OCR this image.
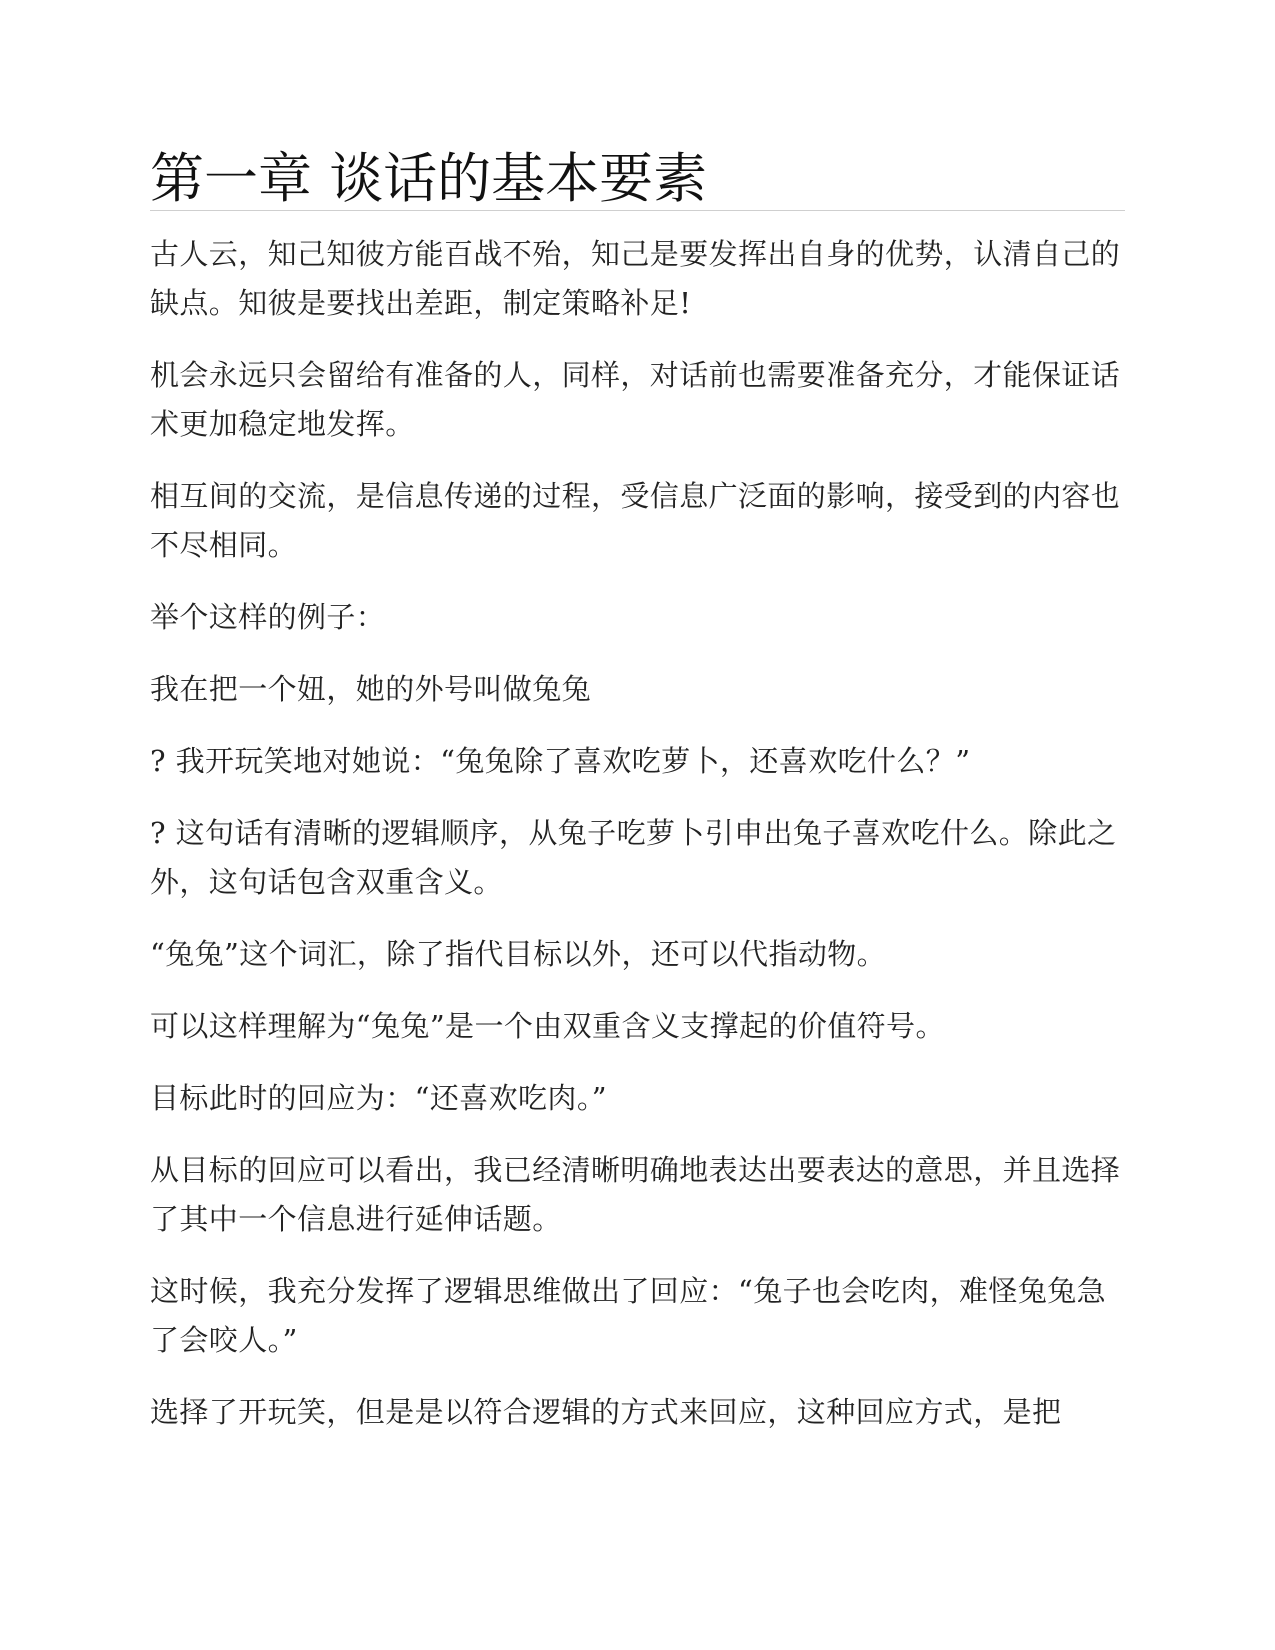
第一章 谈话的基本要素

古人云，知己知彼方能百战不殆，知己是要发挥出自身的优势，认清自己的缺点。知彼是要找出差距，制定策略补足!

机会永远只会留给有准备的人，同样，对话前也需要准备充分，才能保证话术更加稳定地发挥。

相互间的交流，是信息传递的过程，受信息广泛面的影响，接受到的内容也不尽相同。

举个这样的例子：

我在把一个妞，她的外号叫做兔兔

? 我开玩笑地对她说：“兔兔除了喜欢吃萝卜，还喜欢吃什么？”

? 这句话有清晰的逻辑顺序，从兔子吃萝卜引申出兔子喜欢吃什么。除此之外，这句话包含双重含义。

“兔兔”这个词汇，除了指代目标以外，还可以代指动物。

可以这样理解为“兔兔”是一个由双重含义支撑起的价值符号。

目标此时的回应为：“还喜欢吃肉。”

从目标的回应可以看出，我已经清晰明确地表达出要表达的意思，并且选择了其中一个信息进行延伸话题。

这时候，我充分发挥了逻辑思维做出了回应：“兔子也会吃肉，难怪兔兔急了会咬人。”

选择了开玩笑，但是是以符合逻辑的方式来回应，这种回应方式，是把
